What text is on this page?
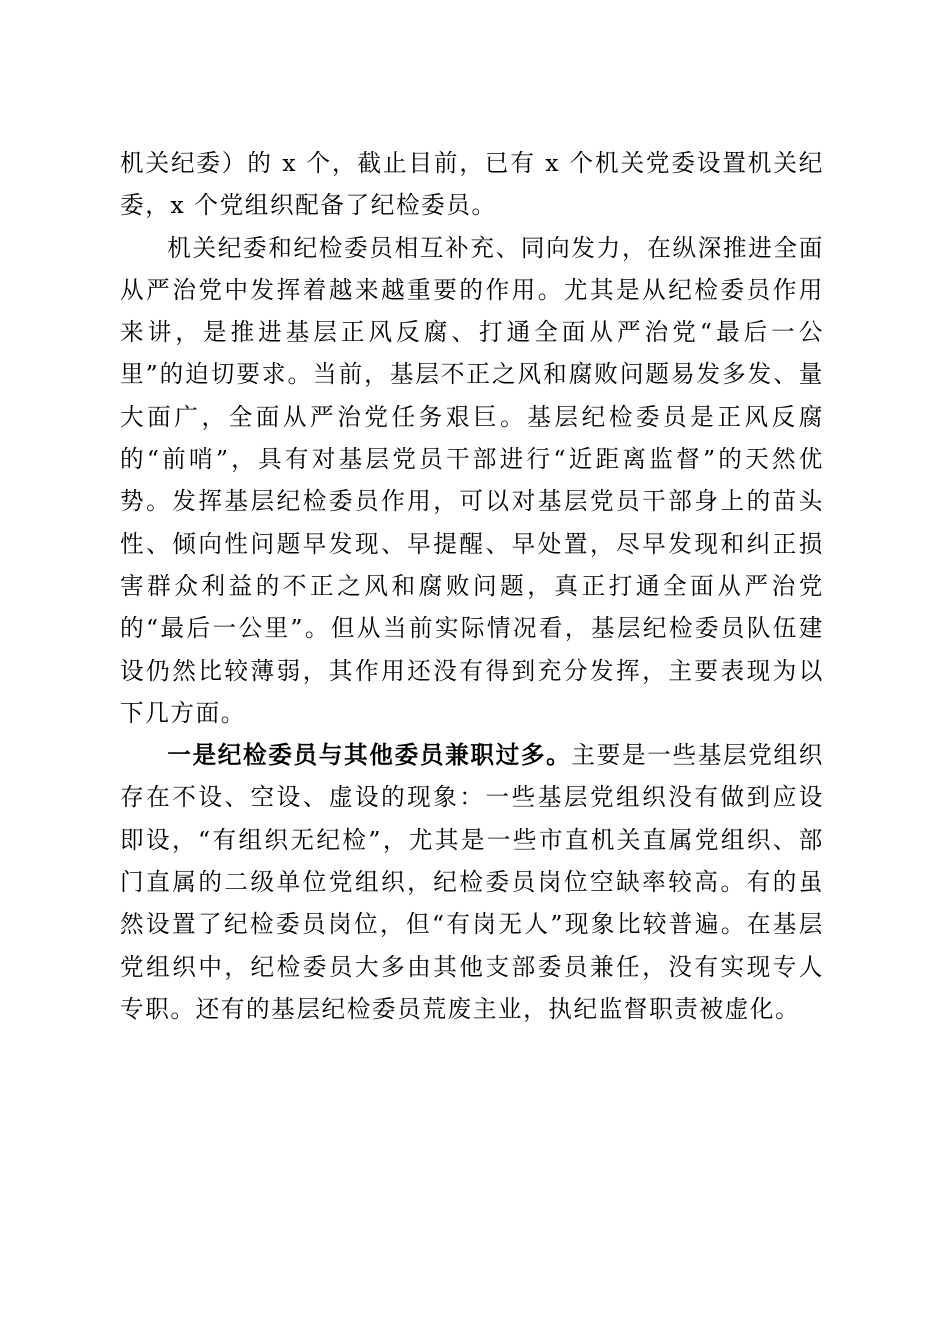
机关纪委）的 x 个，截止目前，已有 x 个机关党委设置机关纪委，x 个党组织配备了纪检委员。

机关纪委和纪检委员相互补充、同向发力，在纵深推进全面从严治党中发挥着越来越重要的作用。尤其是从纪检委员作用来讲，是推进基层正风反腐、打通全面从严治党“最后一公里”的迫切要求。当前，基层不正之风和腐败问题易发多发、量大面广，全面从严治党任务艰巨。基层纪检委员是正风反腐的“前哨”，具有对基层党员干部进行“近距离监督”的天然优势。发挥基层纪检委员作用，可以对基层党员干部身上的苗头性、倾向性问题早发现、早提醒、早处置，尽早发现和纠正损害群众利益的不正之风和腐败问题，真正打通全面从严治党的“最后一公里”。但从当前实际情况看，基层纪检委员队伍建设仍然比较薄弱，其作用还没有得到充分发挥，主要表现为以下几方面。

一是纪检委员与其他委员兼职过多。主要是一些基层党组织存在不设、空设、虚设的现象：一些基层党组织没有做到应设即设，“有组织无纪检”，尤其是一些市直机关直属党组织、部门直属的二级单位党组织，纪检委员岗位空缺率较高。有的虽然设置了纪检委员岗位，但“有岗无人”现象比较普遍。在基层党组织中，纪检委员大多由其他支部委员兼任，没有实现专人专职。还有的基层纪检委员荒废主业，执纪监督职责被虚化。
